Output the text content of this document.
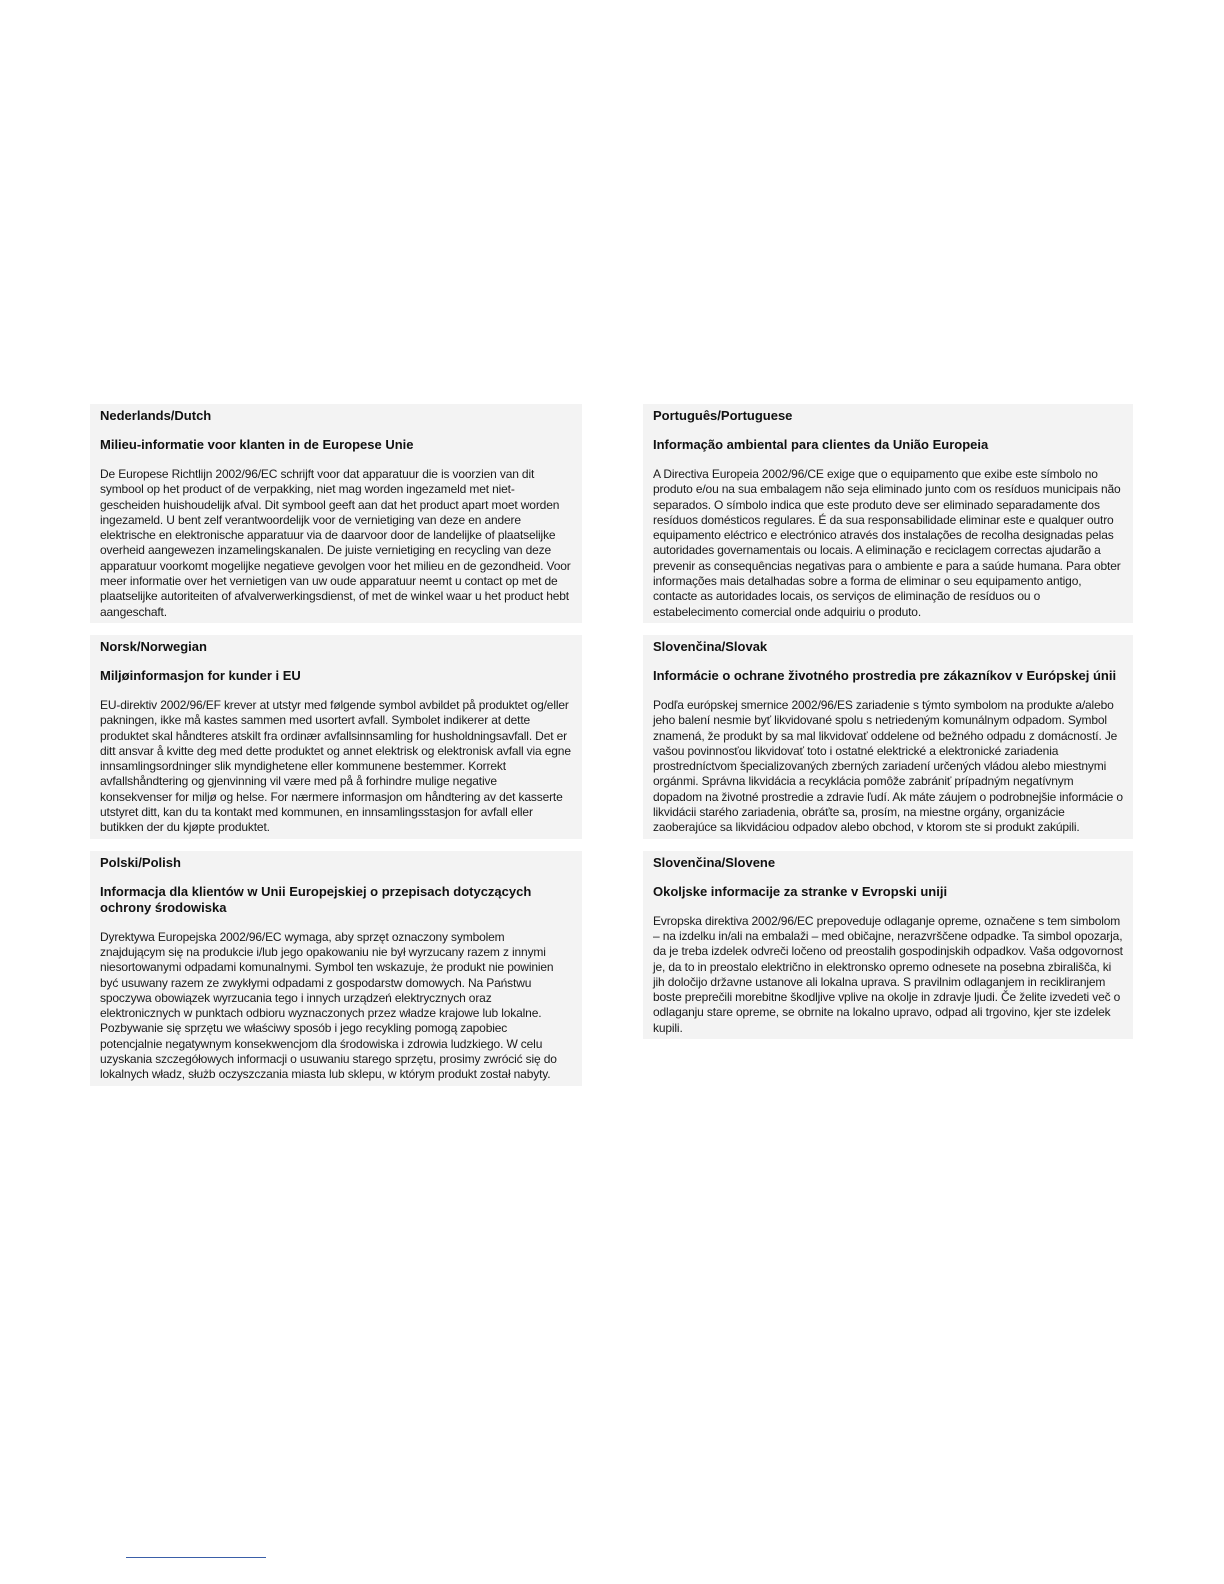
Nederlands/Dutch
Milieu-informatie voor klanten in de Europese Unie

De Europese Richtlijn 2002/96/EC schrijft voor dat apparatuur die is voorzien van dit symbool op het product of de verpakking, niet mag worden ingezameld met niet-gescheiden huishoudelijk afval. Dit symbool geeft aan dat het product apart moet worden ingezameld. U bent zelf verantwoordelijk voor de vernietiging van deze en andere elektrische en elektronische apparatuur via de daarvoor door de landelijke of plaatselijke overheid aangewezen inzamelingskanalen. De juiste vernietiging en recycling van deze apparatuur voorkomt mogelijke negatieve gevolgen voor het milieu en de gezondheid. Voor meer informatie over het vernietigen van uw oude apparatuur neemt u contact op met de plaatselijke autoriteiten of afvalverwerkingsdienst, of met de winkel waar u het product hebt aangeschaft.

Norsk/Norwegian
Miljøinformasjon for kunder i EU

EU-direktiv 2002/96/EF krever at utstyr med følgende symbol avbildet på produktet og/eller pakningen, ikke må kastes sammen med usortert avfall. Symbolet indikerer at dette produktet skal håndteres atskilt fra ordinær avfallsinnsamling for husholdningsavfall. Det er ditt ansvar å kvitte deg med dette produktet og annet elektrisk og elektronisk avfall via egne innsamlingsordninger slik myndighetene eller kommunene bestemmer. Korrekt avfallshåndtering og gjenvinning vil være med på å forhindre mulige negative konsekvenser for miljø og helse. For nærmere informasjon om håndtering av det kasserte utstyret ditt, kan du ta kontakt med kommunen, en innsamlingsstasjon for avfall eller butikken der du kjøpte produktet.

Polski/Polish
Informacja dla klientów w Unii Europejskiej o przepisach dotyczących ochrony środowiska

Dyrektywa Europejska 2002/96/EC wymaga, aby sprzęt oznaczony symbolem znajdującym się na produkcie i/lub jego opakowaniu nie był wyrzucany razem z innymi niesortowanymi odpadami komunalnymi. Symbol ten wskazuje, że produkt nie powinien być usuwany razem ze zwykłymi odpadami z gospodarstw domowych. Na Państwu spoczywa obowiązek wyrzucania tego i innych urządzeń elektrycznych oraz elektronicznych w punktach odbioru wyznaczonych przez władze krajowe lub lokalne. Pozbywanie się sprzętu we właściwy sposób i jego recykling pomogą zapobiec potencjalnie negatywnym konsekwencjom dla środowiska i zdrowia ludzkiego. W celu uzyskania szczegółowych informacji o usuwaniu starego sprzętu, prosimy zwrócić się do lokalnych władz, służb oczyszczania miasta lub sklepu, w którym produkt został nabyty.

Português/Portuguese
Informação ambiental para clientes da União Europeia

A Directiva Europeia 2002/96/CE exige que o equipamento que exibe este símbolo no produto e/ou na sua embalagem não seja eliminado junto com os resíduos municipais não separados. O símbolo indica que este produto deve ser eliminado separadamente dos resíduos domésticos regulares. É da sua responsabilidade eliminar este e qualquer outro equipamento eléctrico e electrónico através dos instalações de recolha designadas pelas autoridades governamentais ou locais. A eliminação e reciclagem correctas ajudarão a prevenir as consequências negativas para o ambiente e para a saúde humana. Para obter informações mais detalhadas sobre a forma de eliminar o seu equipamento antigo, contacte as autoridades locais, os serviços de eliminação de resíduos ou o estabelecimento comercial onde adquiriu o produto.

Slovenčina/Slovak
Informácie o ochrane životného prostredia pre zákazníkov v Európskej únii

Podľa európskej smernice 2002/96/ES zariadenie s týmto symbolom na produkte a/alebo jeho balení nesmie byť likvidované spolu s netriedeným komunálnym odpadom. Symbol znamená, že produkt by sa mal likvidovať oddelene od bežného odpadu z domácností. Je vašou povinnosťou likvidovať toto i ostatné elektrické a elektronické zariadenia prostredníctvom špecializovaných zberných zariadení určených vládou alebo miestnymi orgánmi. Správna likvidácia a recyklácia pomôže zabrániť prípadným negatívnym dopadom na životné prostredie a zdravie ľudí. Ak máte záujem o podrobnejšie informácie o likvidácii starého zariadenia, obráťte sa, prosím, na miestne orgány, organizácie zaoberajúce sa likvidáciou odpadov alebo obchod, v ktorom ste si produkt zakúpili.

Slovenčina/Slovene
Okoljske informacije za stranke v Evropski uniji

Evropska direktiva 2002/96/EC prepoveduje odlaganje opreme, označene s tem simbolom – na izdelku in/ali na embalaži – med običajne, nerazvrščene odpadke. Ta simbol opozarja, da je treba izdelek odvreči ločeno od preostalih gospodinjskih odpadkov. Vaša odgovornost je, da to in preostalo električno in elektronsko opremo odnesete na posebna zbirališča, ki jih določijo državne ustanove ali lokalna uprava. S pravilnim odlaganjem in recikliranjem boste preprečili morebitne škodljive vplive na okolje in zdravje ljudi. Če želite izvedeti več o odlaganju stare opreme, se obrnite na lokalno upravo, odpad ali trgovino, kjer ste izdelek kupili.
